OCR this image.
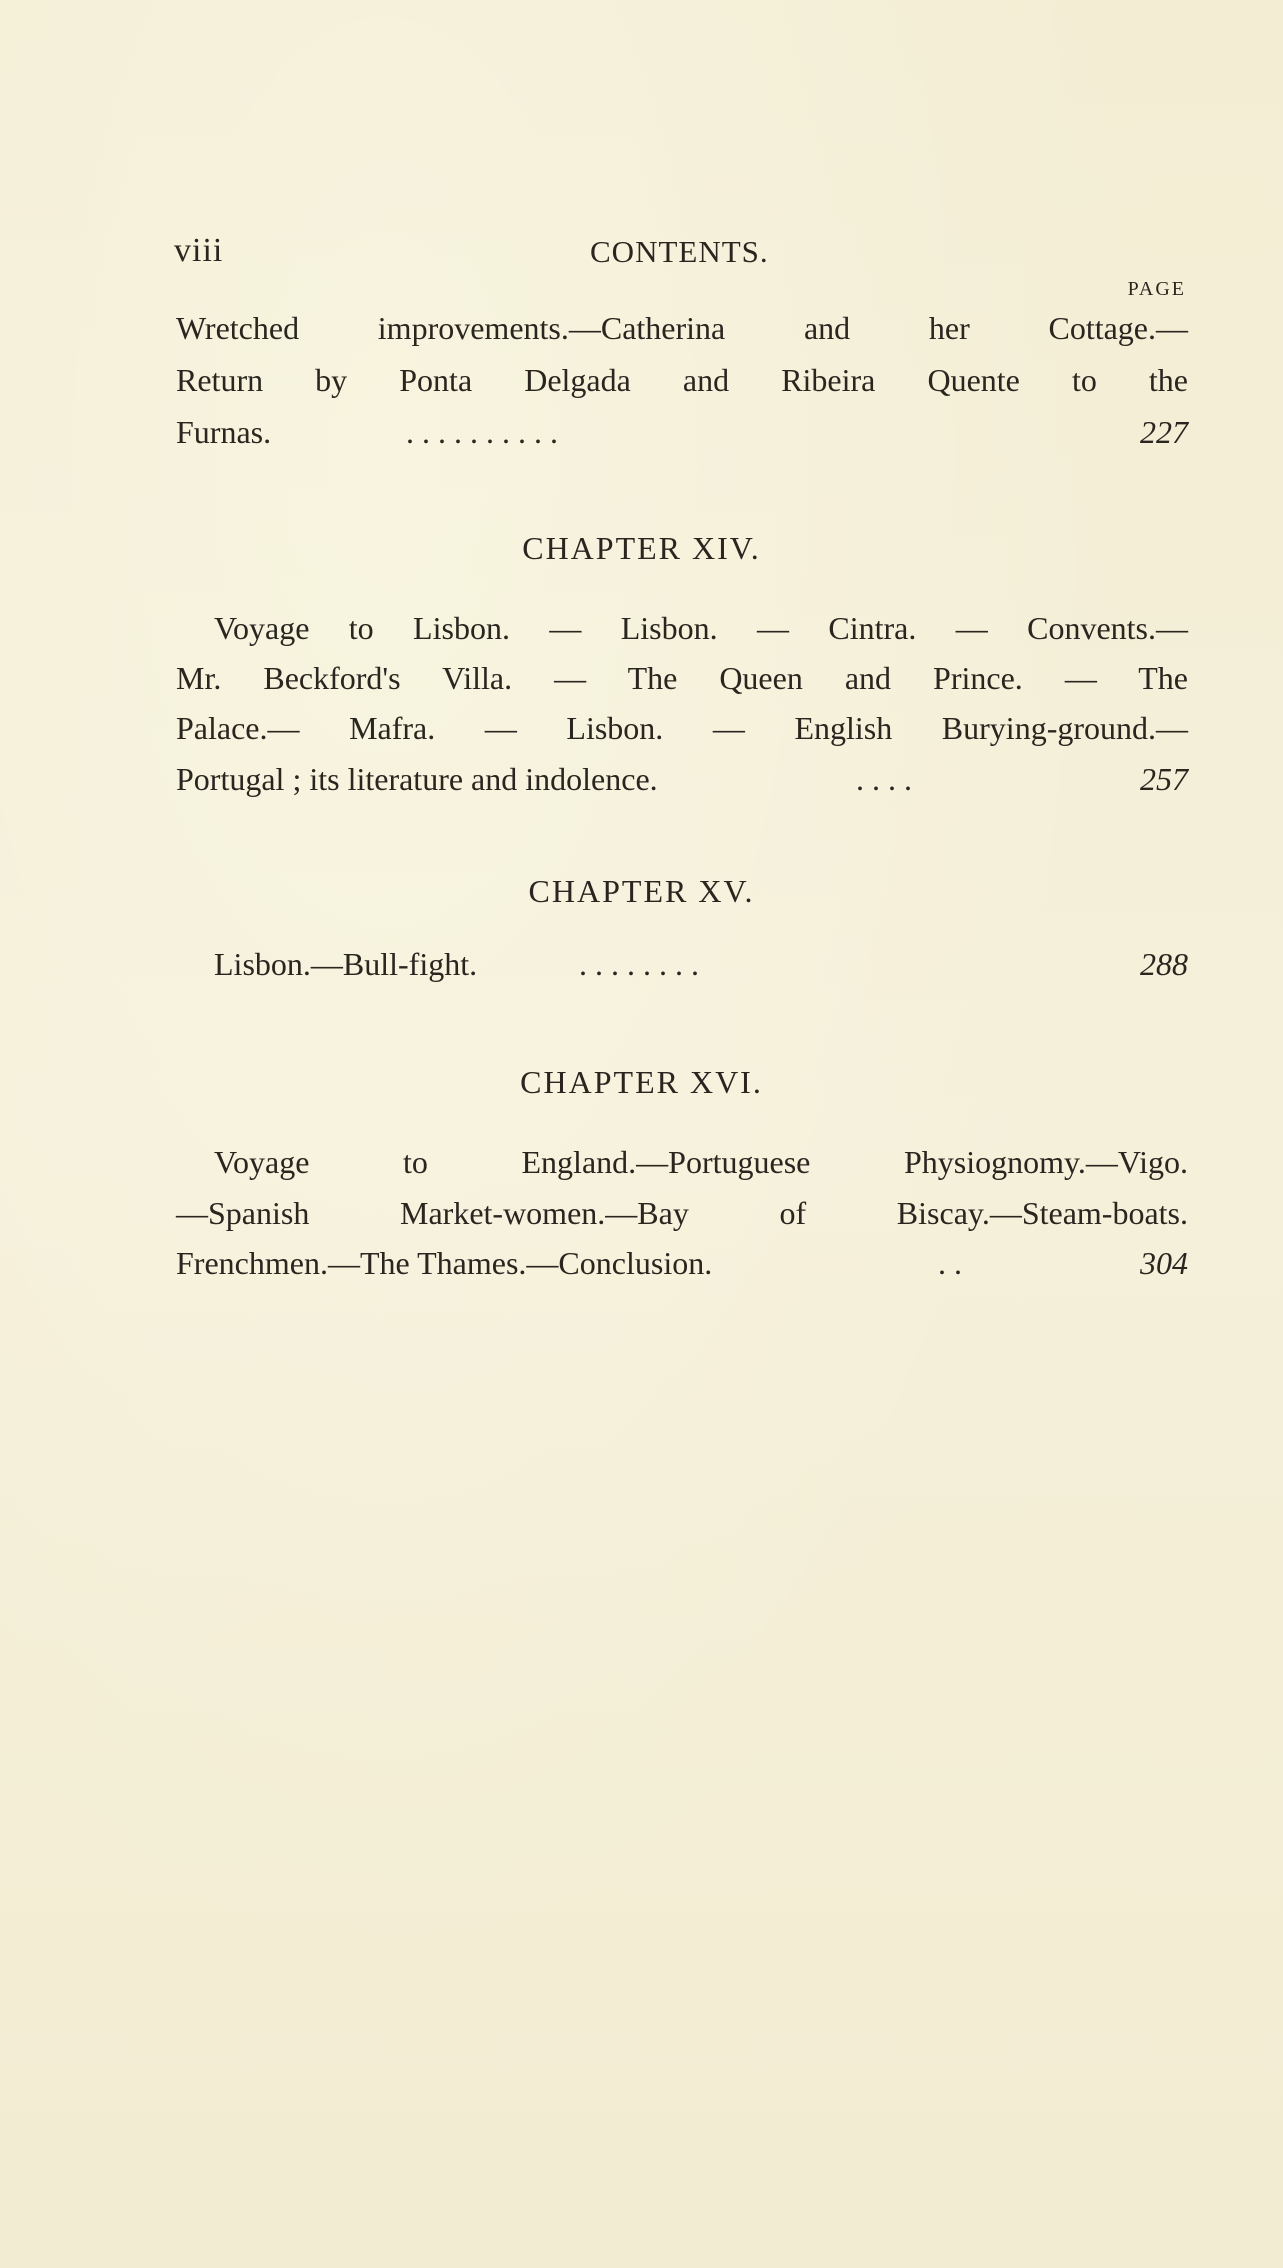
viii	CONTENTS.
PAGE
Wretched improvements.—Catherina and her Cottage.—
Return by Ponta Delgada and Ribeira Quente to the
Furnas.	. . . . . . . . . .	227
CHAPTER XIV.
Voyage to Lisbon. — Lisbon. — Cintra. — Convents.—
Mr. Beckford's Villa. — The Queen and Prince. — The
Palace.— Mafra. — Lisbon. — English Burying-ground.—
Portugal ; its literature and indolence.	. . . .	257
CHAPTER XV.
Lisbon.—Bull-fight.	. . . . . . . .	288
CHAPTER XVI.
Voyage to England.—Portuguese Physiognomy.—Vigo.
—Spanish Market-women.—Bay of Biscay.—Steam-boats.
Frenchmen.—The Thames.—Conclusion.	. .	304
